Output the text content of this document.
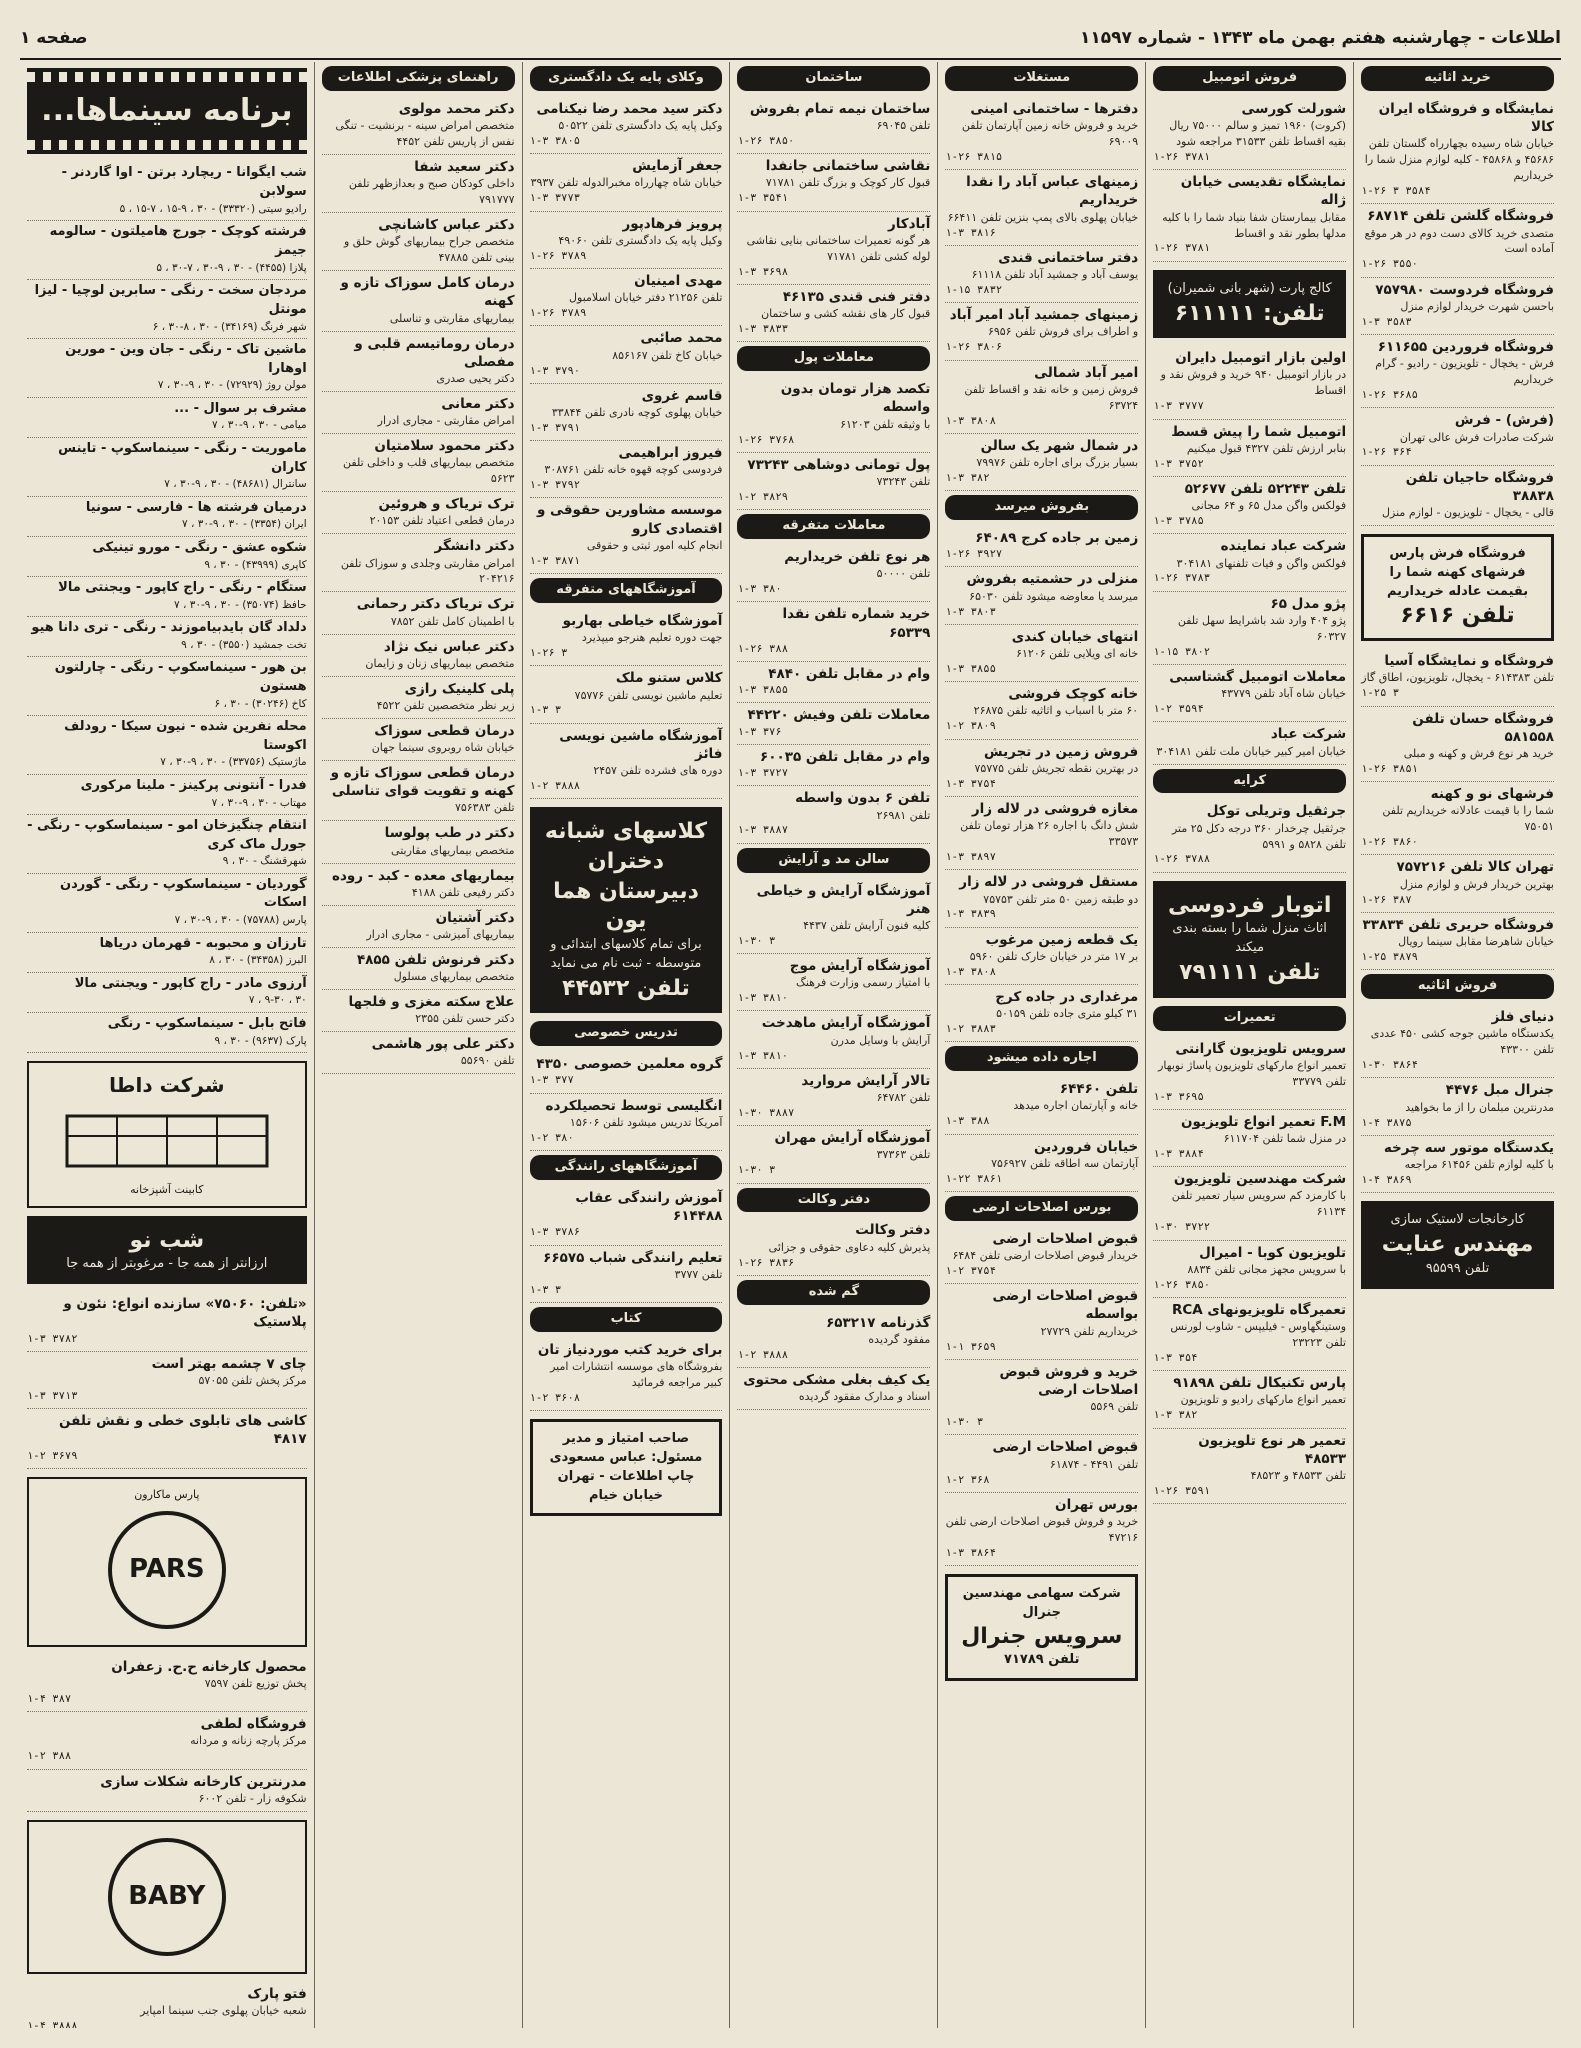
اطلاعات - چهارشنبه هفتم بهمن ماه ۱۳۴۳ - شماره ۱۱۵۹۷
صفحه ۱
خرید اثاثیه
نمایشگاه و فروشگاه ایران کالا
خیابان شاه رسیده بچهارراه گلستان تلفن ۴۵۶۸۶ و ۴۵۸۶۸ - کلیه لوازم منزل شما را خریداریم
۱-۲۶ ۳ ۳۵۸۴
فروشگاه گلشن تلفن ۶۸۷۱۴
متصدی خرید کالای دست دوم در هر موقع آماده است
۱-۲۶ ۳۵۵۰
فروشگاه فردوست ۷۵۷۹۸۰
باحسن شهرت خریدار لوازم منزل
۱-۳ ۳۵۸۳
فروشگاه فروردین ۶۱۱۶۵۵
فرش - یخچال - تلویزیون - رادیو - گرام خریداریم
۱-۲۶ ۳۶۸۵
(فرش) - فرش
شرکت صادرات فرش عالی تهران
۱-۲۶ ۳۶۴
فروشگاه حاجیان تلفن ۳۸۸۳۸
قالی - یخچال - تلویزیون - لوازم منزل
فروشگاه فرش پارس
فرشهای کهنه شما را بقیمت عادله خریداریم
تلفن ۶۶۱۶
فروشگاه و نمایشگاه آسیا
تلفن ۶۱۴۳۸۳ - یخچال، تلویزیون، اطاق گاز
۱-۲۵ ۳
فروشگاه حسان تلفن ۵۸۱۵۵۸
خرید هر نوع فرش و کهنه و مبلی
۱-۲۶ ۳۸۵۱
فرشهای نو و کهنه
شما را با قیمت عادلانه خریداریم تلفن ۷۵۰۵۱
۱-۲۶ ۳۸۶۰
تهران کالا تلفن ۷۵۷۲۱۶
بهترین خریدار فرش و لوازم منزل
۱-۲۶ ۳۸۷
فروشگاه حریری تلفن ۳۳۸۳۴
خیابان شاهرضا مقابل سینما رویال
۱-۲۵ ۳۸۷۹
فروش اثاثیه
دنیای فلز
یکدستگاه ماشین جوجه کشی ۴۵۰ عددی تلفن ۴۳۳۰۰
۱-۳۰ ۳۸۶۴
جنرال مبل ۴۴۷۶
مدرنترین مبلمان را از ما بخواهید
۱-۴ ۳۸۷۵
یکدستگاه موتور سه چرخه
با کلیه لوازم تلفن ۶۱۴۵۶ مراجعه
۱-۴ ۳۸۶۹
کارخانجات لاستیک سازی
مهندس عنایت
تلفن ۹۵۵۹۹
فروش اتومبیل
شورلت کورسی
(کروت) ۱۹۶۰ تمیز و سالم ۷۵۰۰۰ ریال بقیه اقساط تلفن ۳۱۵۳۳ مراجعه شود
۱-۲۶ ۳۷۸۱
نمایشگاه تقدیسی خیابان ژاله
مقابل بیمارستان شفا بنیاد شما را با کلیه مدلها بطور نقد و اقساط
۱-۲۶ ۳۷۸۱
کالج پارت (شهر بانی شمیران)
تلفن: ۶۱۱۱۱۱
اولین بازار اتومبیل دایران
در بازار اتومبیل ۹۴۰ خرید و فروش نقد و اقساط
۱-۳ ۳۷۷۷
اتومبیل شما را پیش قسط
بنابر ارزش تلفن ۴۳۲۷ قبول میکنیم
۱-۳ ۳۷۵۲
تلفن ۵۲۲۴۳ تلفن ۵۲۶۷۷
فولکس واگن مدل ۶۵ و ۶۴ مجانی
۱-۳ ۳۷۸۵
شرکت عباد نماینده
فولکس واگن و فیات تلفنهای ۳۰۴۱۸۱
۱-۲۶ ۳۷۸۳
پژو مدل ۶۵
پژو ۴۰۴ وارد شد باشرایط سهل تلفن ۶۰۳۲۷
۱-۱۵ ۳۸۰۲
معاملات اتومبیل گشتاسبی
خیابان شاه آباد تلفن ۴۳۷۷۹
۱-۲ ۳۵۹۴
شرکت عباد
خیابان امیر کبیر خیابان ملت تلفن ۳۰۴۱۸۱
کرایه
جرثقیل وتریلی توکل
جرثقیل چرخدار ۳۶۰ درجه دکل ۲۵ متر تلفن ۵۸۲۸ و ۵۹۹۱
۱-۲۶ ۳۷۸۸
اتوبار فردوسی
اثاث منزل شما را بسته بندی میکند
تلفن ۷۹۱۱۱۱
تعمیرات
سرویس تلویزیون گارانتی
تعمیر انواع مارکهای تلویزیون پاساژ نوبهار تلفن ۳۳۷۷۹
۱-۳ ۳۶۹۵
F.M تعمیر انواع تلویزیون
در منزل شما تلفن ۶۱۱۷۰۴
۱-۳ ۳۸۸۴
شرکت مهندسین تلویزیون
با کارمزد کم سرویس سیار تعمیر تلفن ۶۱۱۳۴
۱-۳۰ ۳۷۲۲
تلویزیون کوبا - امیرال
با سرویس مجهز مجانی تلفن ۸۸۳۴
۱-۲۶ ۳۸۵۰
تعمیرگاه تلویزیونهای RCA
وستینگهاوس - فیلیپس - شاوب لورنس تلفن ۲۳۲۲۳
۱-۳ ۳۵۴
پارس تکنیکال تلفن ۹۱۸۹۸
تعمیر انواع مارکهای رادیو و تلویزیون
۱-۳ ۳۸۲
تعمیر هر نوع تلویزیون ۴۸۵۳۳
تلفن ۴۸۵۳۳ و ۴۸۵۲۳
۱-۲۶ ۳۵۹۱
مستغلات
دفترها - ساختمانی امینی
خرید و فروش خانه زمین آپارتمان تلفن ۶۹۰۰۹
۱-۲۶ ۳۸۱۵
زمینهای عباس آباد را نقدا خریداریم
خیابان پهلوی بالای پمپ بنزین تلفن ۶۶۴۱۱
۱-۳ ۳۸۱۶
دفتر ساختمانی قندی
یوسف آباد و جمشید آباد تلفن ۶۱۱۱۸
۱-۱۵ ۳۸۳۲
زمینهای جمشید آباد امیر آباد
و اطراف برای فروش تلفن ۶۹۵۶
۱-۲۶ ۳۸۰۶
امیر آباد شمالی
فروش زمین و خانه نقد و اقساط تلفن ۶۳۷۲۴
۱-۳ ۳۸۰۸
در شمال شهر یک سالن
بسیار بزرگ برای اجاره تلفن ۷۹۹۷۶
۱-۳ ۳۸۲
بفروش میرسد
زمین بر جاده کرج ۶۴۰۸۹
۱-۲۶ ۳۹۲۷
منزلی در حشمتیه بفروش
میرسد یا معاوضه میشود تلفن ۶۵۰۳۰
۱-۳ ۳۸۰۳
انتهای خیابان کندی
خانه ای ویلایی تلفن ۶۱۲۰۶
۱-۳ ۳۸۵۵
خانه کوچک فروشی
۶۰ متر با اسباب و اثاثیه تلفن ۲۶۸۷۵
۱-۲ ۳۸۰۹
فروش زمین در تجریش
در بهترین نقطه تجریش تلفن ۷۵۷۷۵
۱-۳ ۳۷۵۴
مغازه فروشی در لاله زار
شش دانگ با اجاره ۲۶ هزار تومان تلفن ۳۳۵۷۳
۱-۳ ۳۸۹۷
مستقل فروشی در لاله زار
دو طبقه زمین ۵۰ متر تلفن ۷۵۷۵۳
۱-۳ ۳۸۳۹
یک قطعه زمین مرغوب
بر ۱۷ متر در خیابان خارک تلفن ۵۹۶۰
۱-۳ ۳۸۰۸
مرغداری در جاده کرج
۳۱ کیلو متری جاده تلفن ۵۰۱۵۹
۱-۲ ۳۸۸۳
اجاره داده میشود
تلفن ۶۴۴۶۰
خانه و آپارتمان اجاره میدهد
۱-۳ ۳۸۸
خیابان فروردین
آپارتمان سه اطاقه تلفن ۷۵۶۹۲۷
۱-۲۲ ۳۸۶۱
بورس اصلاحات ارضی
قبوض اصلاحات ارضی
خریدار قبوض اصلاحات ارضی تلفن ۶۴۸۴
۱-۲ ۳۷۵۴
قبوض اصلاحات ارضی بواسطه
خریداریم تلفن ۲۷۷۲۹
۱-۱ ۳۶۵۹
خرید و فروش قبوض اصلاحات ارضی
تلفن ۵۵۶۹
۱-۳۰ ۳
قبوض اصلاحات ارضی
تلفن ۴۴۹۱ - ۶۱۸۷۴
۱-۲ ۳۶۸
بورس تهران
خرید و فروش قبوض اصلاحات ارضی تلفن ۴۷۲۱۶
۱-۳ ۳۸۶۴
شرکت سهامی مهندسین جنرال
سرویس جنرال
تلفن ۷۱۷۸۹
ساختمان
ساختمان نیمه تمام بفروش
تلفن ۶۹۰۴۵
۱-۲۶ ۳۸۵۰
نقاشی ساختمانی جانفدا
قبول کار کوچک و بزرگ تلفن ۷۱۷۸۱
۱-۳ ۳۵۴۱
آبادکار
هر گونه تعمیرات ساختمانی بنایی نقاشی لوله کشی تلفن ۷۱۷۸۱
۱-۳ ۳۶۹۸
دفتر فنی قندی ۴۶۱۳۵
قبول کار های نقشه کشی و ساختمان
۱-۳ ۳۸۳۳
معاملات پول
تکصد هزار تومان بدون واسطه
با وثیقه تلفن ۶۱۲۰۳
۱-۲۶ ۳۷۶۸
پول تومانی دوشاهی ۷۳۲۴۳
تلفن ۷۳۲۴۳
۱-۲ ۳۸۲۹
معاملات متفرقه
هر نوع تلفن خریداریم
تلفن ۵۰۰۰۰
۱-۳ ۳۸۰
خرید شماره تلفن نقدا ۶۵۳۳۹
۱-۲۶ ۳۸۸
وام در مقابل تلفن ۴۸۴۰
۱-۳ ۳۸۵۵
معاملات تلفن وفیش ۴۴۲۲۰
۱-۳ ۳۷۶
وام در مقابل تلفن ۶۰۰۳۵
۱-۳ ۳۷۲۷
تلفن ۶ بدون واسطه
تلفن ۲۶۹۸۱
۱-۳ ۳۸۸۷
سالن مد و آرایش
آموزشگاه آرایش و خیاطی هنر
کلیه فنون آرایش تلفن ۴۴۳۷
۱-۳۰ ۳
آموزشگاه آرایش موج
با امتیاز رسمی وزارت فرهنگ
۱-۳ ۳۸۱۰
آموزشگاه آرایش ماهدخت
آرایش با وسایل مدرن
۱-۳ ۳۸۱۰
تالار آرایش مروارید
تلفن ۶۴۷۸۲
۱-۳۰ ۳۸۸۷
آموزشگاه آرایش مهران
تلفن ۳۷۳۶۳
۱-۳۰ ۳
دفتر وکالت
دفتر وکالت
پذیرش کلیه دعاوی حقوقی و جزائی
۱-۲۶ ۳۸۳۶
گم شده
گذرنامه ۶۵۳۲۱۷
مفقود گردیده
۱-۲ ۳۸۸۸
یک کیف بغلی مشکی محتوی
اسناد و مدارک مفقود گردیده
وکلای پایه یک دادگستری
دکتر سید محمد رضا نیکنامی
وکیل پایه یک دادگستری تلفن ۵۰۵۲۲
۱-۳ ۳۸۰۵
جعفر آزمایش
خیابان شاه چهارراه مخبرالدوله تلفن ۳۹۳۷
۱-۳ ۳۷۷۳
پرویز فرهادپور
وکیل پایه یک دادگستری تلفن ۴۹۰۶۰
۱-۲۶ ۳۷۸۹
مهدی امینیان
تلفن ۲۱۲۵۶ دفتر خیابان اسلامبول
۱-۲۶ ۳۷۸۹
محمد صائبی
خیابان کاخ تلفن ۸۵۶۱۶۷
۱-۳ ۳۷۹۰
قاسم غروی
خیابان پهلوی کوچه نادری تلفن ۳۳۸۴۴
۱-۳ ۳۷۹۱
فیروز ابراهیمی
فردوسی کوچه قهوه خانه تلفن ۳۰۸۷۶۱
۱-۳ ۳۷۹۲
موسسه مشاورین حقوقی و اقتصادی کارو
انجام کلیه امور ثبتی و حقوقی
۱-۳ ۳۸۷۱
آموزشگاههای متفرقه
آموزشگاه خیاطی بهاربو
جهت دوره تعلیم هنرجو میپذیرد
۱-۲۶ ۳
کلاس ستنو ملک
تعلیم ماشین نویسی تلفن ۷۵۷۷۶
۱-۳ ۳
آموزشگاه ماشین نویسی فائز
دوره های فشرده تلفن ۲۴۵۷
۱-۲ ۳۸۸۸
کلاسهای شبانه دختران
دبیرستان هما یون
برای تمام کلاسهای ابتدائی و متوسطه - ثبت نام می نماید
تلفن ۴۴۵۳۲
تدریس خصوصی
گروه معلمین خصوصی ۴۳۵۰
۱-۳ ۳۷۷
انگلیسی توسط تحصیلکرده
آمریکا تدریس میشود تلفن ۱۵۶۰۶
۱-۲ ۳۸۰
آموزشگاههای رانندگی
آموزش رانندگی عقاب ۶۱۴۴۸۸
۱-۳ ۳۷۸۶
تعلیم رانندگی شباب ۶۶۵۷۵
تلفن ۳۷۷۷
۱-۳ ۳
کتاب
برای خرید کتب موردنیاز تان
بفروشگاه های موسسه انتشارات امیر کبیر مراجعه فرمائید
۱-۲ ۳۶۰۸
صاحب امتیاز و مدیر مسئول: عباس مسعودی
چاپ اطلاعات - تهران خیابان خیام
راهنمای پزشکی اطلاعات
دکتر محمد مولوی
متخصص امراض سینه - برنشیت - تنگی نفس از پاریس تلفن ۴۴۵۲
دکتر سعید شفا
داخلی کودکان صبح و بعدازظهر تلفن ۷۹۱۷۷۷
دکتر عباس کاشانچی
متخصص جراح بیماریهای گوش حلق و بینی تلفن ۴۷۸۸۵
درمان کامل سوزاک تازه و کهنه
بیماریهای مقاربتی و تناسلی
درمان روماتیسم قلبی و مفصلی
دکتر یحیی صدری
دکتر معانی
امراض مقاربتی - مجاری ادرار
دکتر محمود سلامتیان
متخصص بیماریهای قلب و داخلی تلفن ۵۶۲۳
ترک تریاک و هروئین
درمان قطعی اعتیاد تلفن ۲۰۱۵۳
دکتر دانشگر
امراض مقاربتی وجلدی و سوزاک تلفن ۲۰۴۲۱۶
ترک تریاک دکتر رحمانی
با اطمینان کامل تلفن ۷۸۵۲
دکتر عباس نیک نژاد
متخصص بیماریهای زنان و زایمان
پلی کلینیک رازی
زیر نظر متخصصین تلفن ۴۵۲۲
درمان قطعی سوزاک
خیابان شاه روبروی سینما جهان
درمان قطعی سوزاک تازه و کهنه و تقویت قوای تناسلی
تلفن ۷۵۶۳۸۳
دکتر در طب پولوسا
متخصص بیماریهای مقاربتی
بیماریهای معده - کبد - روده
دکتر رفیعی تلفن ۴۱۸۸
دکتر آشتیان
بیماریهای آمیزشی - مجاری ادرار
دکتر فرنوش تلفن ۴۸۵۵
متخصص بیماریهای مسلول
علاج سکته مغزی و فلجها
دکتر حسن تلفن ۲۳۵۵
دکتر علی پور هاشمی
تلفن ۵۵۶۹۰
برنامه سینماها...
شب ایگوانا - ریچارد برتن - اوا گاردنر - سولابن
رادیو سیتی (۳۳۳۲۰) - ۳۰ ، ۹-۱۵ ، ۷-۱۵ ، ۵
فرشته کوچک - جورج هامیلتون - سالومه جیمز
پلازا (۴۴۵۵) - ۳۰ ، ۹-۳۰ ، ۷-۳۰ ، ۵
مردجان سخت - رنگی - سابرین لوچیا - لیزا مونتل
شهر فرنگ (۳۴۱۶۹) - ۳۰ ، ۸-۳۰ ، ۶
ماشین تاک - رنگی - جان وین - مورین اوهارا
مولن روژ (۷۲۹۲۹) - ۳۰ ، ۹-۳۰ ، ۷
مشرف بر سوال - ...
میامی - ۳۰ ، ۹-۳۰ ، ۷
ماموریت - رنگی - سینماسکوپ - تاینس کاران
سانترال (۴۸۶۸۱) - ۳۰ ، ۹-۳۰ ، ۷
درمیان فرشته ها - فارسی - سونیا
ایران (۳۳۵۴) - ۳۰ ، ۹-۳۰ ، ۷
شکوه عشق - رنگی - مورو تینیکی
کاپری (۴۳۹۹۹) - ۳۰ ، ۹
ستگام - رنگی - راج کاپور - ویجنتی مالا
حافظ (۳۵۰۷۴) - ۳۰ ، ۹-۳۰ ، ۷
دلداد گان بایدبیاموزند - رنگی - تری دانا هیو
تخت جمشید (۳۵۵۰) - ۳۰ ، ۹
بن هور - سینماسکوپ - رنگی - چارلتون هستون
کاخ (۳۰۲۴۶) - ۳۰ ، ۶
محله نفرین شده - نیون سیکا - رودلف اکوستا
ماژستیک (۳۳۷۵۶) - ۳۰ ، ۹-۳۰ ، ۷
فدرا - آنتونی پرکینز - ملینا مرکوری
مهتاب - ۳۰ ، ۹-۳۰ ، ۷
انتقام چنگیزخان امو - سینماسکوپ - رنگی - جورل ماک کری
شهرقشنگ - ۳۰ ، ۹
گوردیان - سینماسکوپ - رنگی - گوردن اسکات
پارس (۷۵۷۸۸) - ۳۰ ، ۹-۳۰ ، ۷
تارزان و محبوبه - قهرمان دریاها
البرز (۳۴۳۵۸) - ۳۰ ، ۸
آرزوی مادر - راج کاپور - ویجنتی مالا
۳۰ ، ۹-۳۰ ، ۷
فاتح بابل - سینماسکوپ - رنگی
پارک (۹۶۳۷) - ۳۰ ، ۹
شرکت داطا
کابینت آشپزخانه
شب نو
ارزانتر از همه جا - مرغوبتر از همه جا
«تلفن: ۷۵۰۶۰» سازنده انواع: نئون و پلاستیک
۱-۳ ۳۷۸۲
چای ۷ چشمه بهتر است
مرکز پخش تلفن ۵۷۰۵۵
۱-۳ ۳۷۱۳
کاشی های تابلوی خطی و نقش تلفن ۴۸۱۷
۱-۲ ۳۶۷۹
پارس ماکارون
PARS
محصول کارخانه ح.ح. زعفران
پخش توزیع تلفن ۷۵۹۷
۱-۴ ۳۸۷
فروشگاه لطفی
مرکز پارچه زنانه و مردانه
۱-۲ ۳۸۸
مدرنترین کارخانه شکلات سازی
شکوفه زار - تلفن ۶۰۰۲
BABY
فتو پارک
شعبه خیابان پهلوی جنب سینما امپایر
۱-۴ ۳۸۸۸
